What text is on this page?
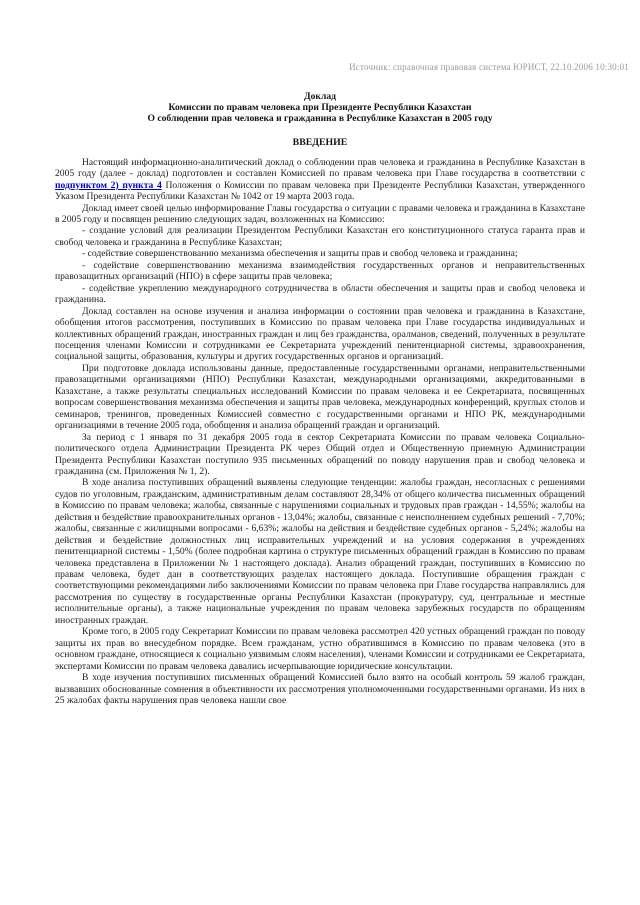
Источник: справочная правовая система ЮРИСТ, 22.10.2006 10:30:01
Доклад
Комиссии по правам человека при Президенте Республики Казахстан
О соблюдении прав человека и гражданина в Республике Казахстан в 2005 году
ВВЕДЕНИЕ

Настоящий информационно-аналитический доклад о соблюдении прав человека и гражданина в Республике Казахстан в 2005 году (далее - доклад) подготовлен и составлен Комиссией по правам человека при Главе государства в соответствии с подпунктом 2) пункта 4 Положения о Комиссии по правам человека при Президенте Республики Казахстан, утвержденного Указом Президента Республики Казахстан № 1042 от 19 марта 2003 года.

Доклад имеет своей целью информирование Главы государства о ситуации с правами человека и гражданина в Казахстане в 2005 году и посвящен решению следующих задач, возложенных на Комиссию:

- создание условий для реализации Президентом Республики Казахстан его конституционного статуса гаранта прав и свобод человека и гражданина в Республике Казахстан;

- содействие совершенствованию механизма обеспечения и защиты прав и свобод человека и гражданина;

- содействие совершенствованию механизма взаимодействия государственных органов и неправительственных правозащитных организаций (НПО) в сфере защиты прав человека;

- содействие укреплению международного сотрудничества в области обеспечения и защиты прав и свобод человека и гражданина.

Доклад составлен на основе изучения и анализа информации о состоянии прав человека и гражданина в Казахстане, обобщения итогов рассмотрения, поступивших в Комиссию по правам человека при Главе государства индивидуальных и коллективных обращений граждан, иностранных граждан и лиц без гражданства, оралманов, сведений, полученных в результате посещения членами Комиссии и сотрудниками ее Секретариата учреждений пенитенциарной системы, здравоохранения, социальной защиты, образования, культуры и других государственных органов и организаций.

При подготовке доклада использованы данные, предоставленные государственными органами, неправительственными правозащитными организациями (НПО) Республики Казахстан, международными организациями, аккредитованными в Казахстане, а также результаты специальных исследований Комиссии по правам человека и ее Секретариата, посвященных вопросам совершенствования механизма обеспечения и защиты прав человека, международных конференций, круглых столов и семинаров, тренингов, проведенных Комиссией совместно с государственными органами и НПО РК, международными организациями в течение 2005 года, обобщения и анализа обращений граждан и организаций.

За период с 1 января по 31 декабря 2005 года в сектор Секретариата Комиссии по правам человека Социально-политического отдела Администрации Президента РК через Общий отдел и Общественную приемную Администрации Президента Республики Казахстан поступило 935 письменных обращений по поводу нарушения прав и свобод человека и гражданина (см. Приложения № 1, 2).

В ходе анализа поступивших обращений выявлены следующие тенденции: жалобы граждан, несогласных с решениями судов по уголовным, гражданским, административным делам составляют 28,34% от общего количества письменных обращений в Комиссию по правам человека; жалобы, связанные с нарушениями социальных и трудовых прав граждан - 14,55%; жалобы на действия и бездействие правоохранительных органов - 13,04%; жалобы, связанные с неисполнением судебных решений - 7,70%; жалобы, связанные с жилищными вопросами - 6,63%; жалобы на действия и бездействие судебных органов - 5,24%; жалобы на действия и бездействие должностных лиц исправительных учреждений и на условия содержания в учреждениях пенитенциарной системы - 1,50% (более подробная картина о структуре письменных обращений граждан в Комиссию по правам человека представлена в Приложении № 1 настоящего доклада). Анализ обращений граждан, поступивших в Комиссию по правам человека, будет дан в соответствующих разделах настоящего доклада. Поступившие обращения граждан с соответствующими рекомендациями либо заключениями Комиссии по правам человека при Главе государства направлялись для рассмотрения по существу в государственные органы Республики Казахстан (прокуратуру, суд, центральные и местные исполнительные органы), а также национальные учреждения по правам человека зарубежных государств по обращениям иностранных граждан.

Кроме того, в 2005 году Секретариат Комиссии по правам человека рассмотрел 420 устных обращений граждан по поводу защиты их прав во внесудебном порядке. Всем гражданам, устно обратившимся в Комиссию по правам человека (это в основном граждане, относящиеся к социально уязвимым слоям населения), членами Комиссии и сотрудниками ее Секретариата, экспертами Комиссии по правам человека давались исчерпывающие юридические консультации.

В ходе изучения поступивших письменных обращений Комиссией было взято на особый контроль 59 жалоб граждан, вызвавших обоснованные сомнения в объективности их рассмотрения уполномоченными государственными органами. Из них в 25 жалобах факты нарушения прав человека нашли свое
